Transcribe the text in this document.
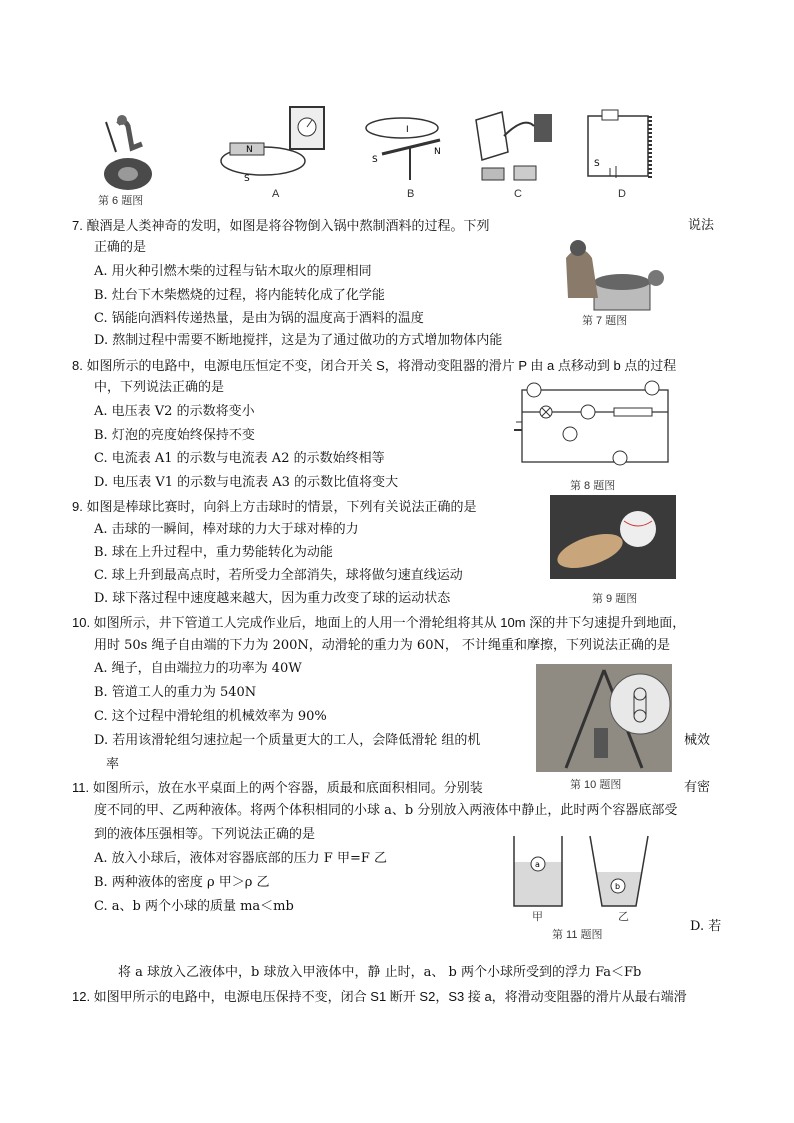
第 6 题图
N
S
A
S
N
I
B	C
S
D
7. 酿酒是人类神奇的发明，如图是将谷物倒入锅中熬制酒料的过程。下列	说法
正确的是
A. 用火种引燃木柴的过程与钻木取火的原理相同
B. 灶台下木柴燃烧的过程，将内能转化成了化学能
C. 锅能向酒料传递热量，是由为锅的温度高于酒料的温度
D. 熬制过程中需要不断地搅拌，这是为了通过做功的方式增加物体内能
第 7 题图
8. 如图所示的电路中，电源电压恒定不变，闭合开关 S，将滑动变阻器的滑片 P 由 a 点移动到 b 点的过程
中，下列说法正确的是
A. 电压表 V2 的示数将变小
B. 灯泡的亮度始终保持不变
C. 电流表 A1 的示数与电流表 A2 的示数始终相等
D. 电压表 V1 的示数与电流表 A3 的示数比值将变大	第 8 题图
9. 如图是棒球比赛时，向斜上方击球时的情景，下列有关说法正确的是
A. 击球的一瞬间，棒对球的力大于球对棒的力
B. 球在上升过程中，重力势能转化为动能
C. 球上升到最高点时，若所受力全部消失，球将做匀速直线运动
D. 球下落过程中速度越来越大，因为重力改变了球的运动状态	第 9 题图
10. 如图所示，井下管道工人完成作业后，地面上的人用一个滑轮组将其从 10m 深的井下匀速提升到地面，
用时 50s 绳子自由端的下力为 200N，动滑轮的重力为 60N， 不计绳重和摩擦，下列说法正确的是
A. 绳子，自由端拉力的功率为 40W
B. 管道工人的重力为 540N
C. 这个过程中滑轮组的机械效率为 90%
D. 若用该滑轮组匀速拉起一个质量更大的工人，会降低滑轮 组的机	械效
率
第 10 题图
11. 如图所示，放在水平桌面上的两个容器，质最和底面积相同。分别装	有密
度不同的甲、乙两种液体。将两个体积相同的小球 a、b 分别放入两液体中静止，此时两个容器底部受
到的液体压强相等。下列说法正确的是
A. 放入小球后，液体对容器底部的压力 F 甲=F 乙
B. 两种液体的密度 ρ 甲＞ρ 乙
C. a、b 两个小球的质量 ma＜mb
D. 若
将 a 球放入乙液体中，b 球放入甲液体中，静 止时，a、 b 两个小球所受到的浮力 Fa＜Fb
a
b
甲	乙
第 11 题图
12. 如图甲所示的电路中，电源电压保持不变，闭合 S1 断开 S2，S3 接 a，将滑动变阻器的滑片从最右端滑
